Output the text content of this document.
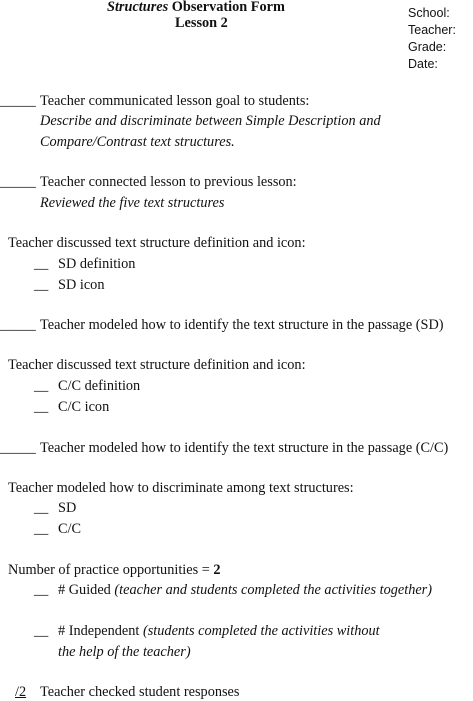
Structures Observation Form
Lesson 2
School:
Teacher:
Grade:
Date:
_____ Teacher communicated lesson goal to students:
Describe and discriminate between Simple Description and
Compare/Contrast text structures.
_____ Teacher connected lesson to previous lesson:
Reviewed the five text structures
Teacher discussed text structure definition and icon:
__ SD definition
__ SD icon
_____ Teacher modeled how to identify the text structure in the passage (SD)
Teacher discussed text structure definition and icon:
__ C/C definition
__ C/C icon
_____ Teacher modeled how to identify the text structure in the passage (C/C)
Teacher modeled how to discriminate among text structures:
__ SD
__ C/C
Number of practice opportunities = 2
__ # Guided (teacher and students completed the activities together)
__ # Independent (students completed the activities without
the help of the teacher)
/2 Teacher checked student responses
